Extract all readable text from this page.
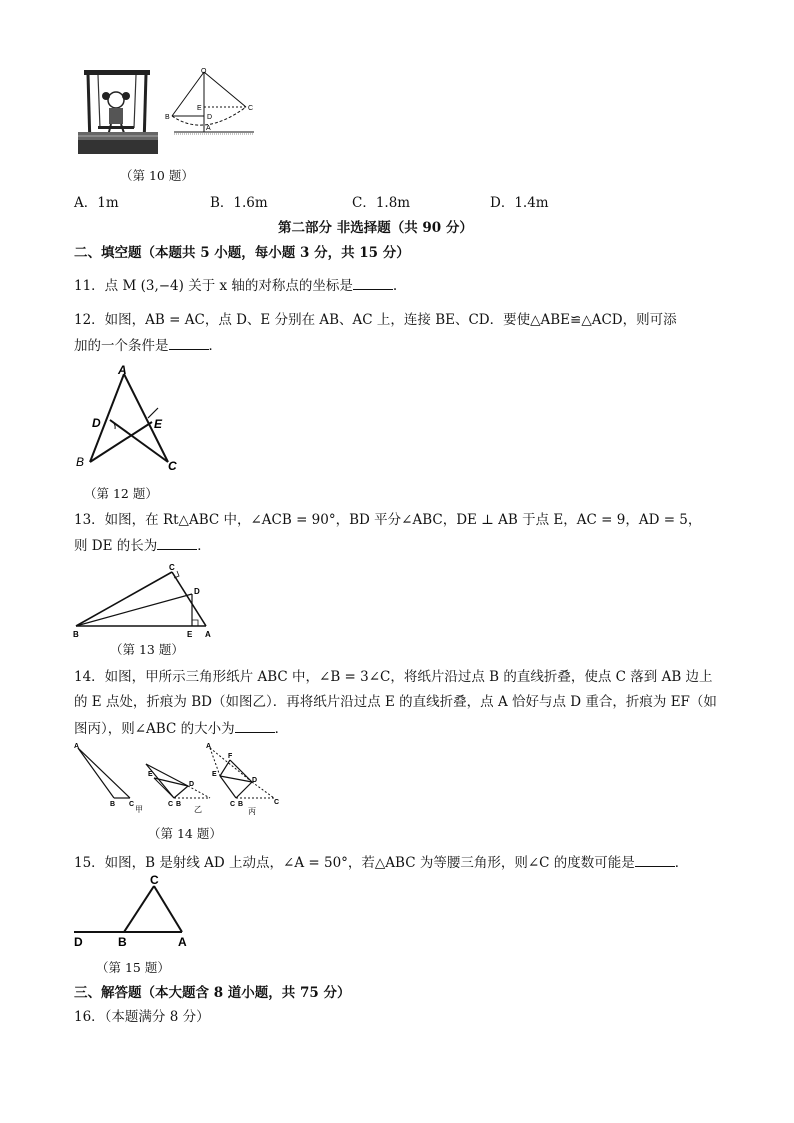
O
E	C
B	D
A
（第 10 题）
A．1m	B．1.6m	C．1.8m	D．1.4m
第二部分 非选择题（共 90 分）
二、填空题（本题共 5 小题，每小题 3 分，共 15 分）
11．点 M (3,−4) 关于 x 轴的对称点的坐标是	.
12．如图，AB = AC，点 D、E 分别在 AB、AC 上，连接 BE、CD．要使△ABE≌△ACD，则可添
加的一个条件是	．
A
D	E
B	C
（第 12 题）
13．如图，在 Rt△ABC 中，∠ACB = 90°，BD 平分∠ABC，DE ⊥ AB 于点 E，AC = 9，AD = 5，
则 DE 的长为	．
C
D
B	E A
（第 13 题）
14．如图，甲所示三角形纸片 ABC 中，∠B = 3∠C，将纸片沿过点 B 的直线折叠，使点 C 落到 AB 边上
的 E 点处，折痕为 BD（如图乙）．再将纸片沿过点 E 的直线折叠，点 A 恰好与点 D 重合，折痕为 EF（如
图丙），则∠ABC 的大小为	．
A
B C
甲
E
D
C B
乙
A
F
E
D
C B	C
丙
（第 14 题）
15．如图，B 是射线 AD 上动点，∠A = 50°，若△ABC 为等腰三角形，则∠C 的度数可能是	．
C
D	B	A
（第 15 题）
三、解答题（本大题含 8 道小题，共 75 分）
16．（本题满分 8 分）
